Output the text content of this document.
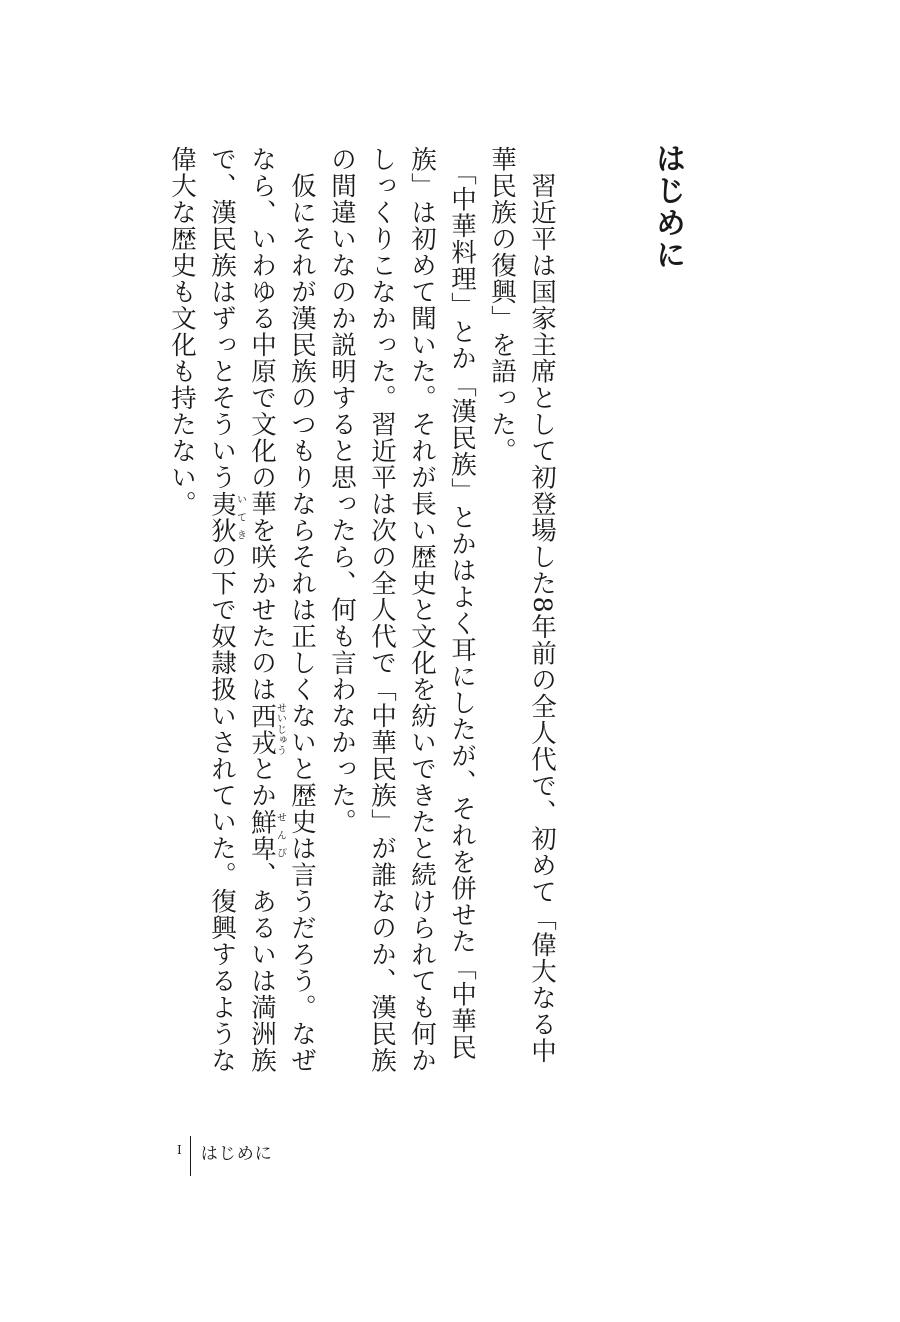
はじめに

　習近平は国家主席として初登場した8年前の全人代で、初めて「偉大なる中華民族の復興」を語った。

　「中華料理」とか「漢民族」とかはよく耳にしたが、それを併せた「中華民族」は初めて聞いた。それが長い歴史と文化を紡いできたと続けられても何かしっくりこなかった。習近平は次の全人代で「中華民族」が誰なのか、漢民族の間違いなのか説明すると思ったら、何も言わなかった。

　仮にそれが漢民族のつもりならそれは正しくないと歴史は言うだろう。なぜなら、いわゆる中原で文化の華を咲かせたのは西戎せいじゅうとか鮮卑せんぴ、あるいは満洲族で、漢民族はずっとそういう夷狄いてきの下で奴隷扱いされていた。復興するような偉大な歴史も文化も持たない。

I はじめに
